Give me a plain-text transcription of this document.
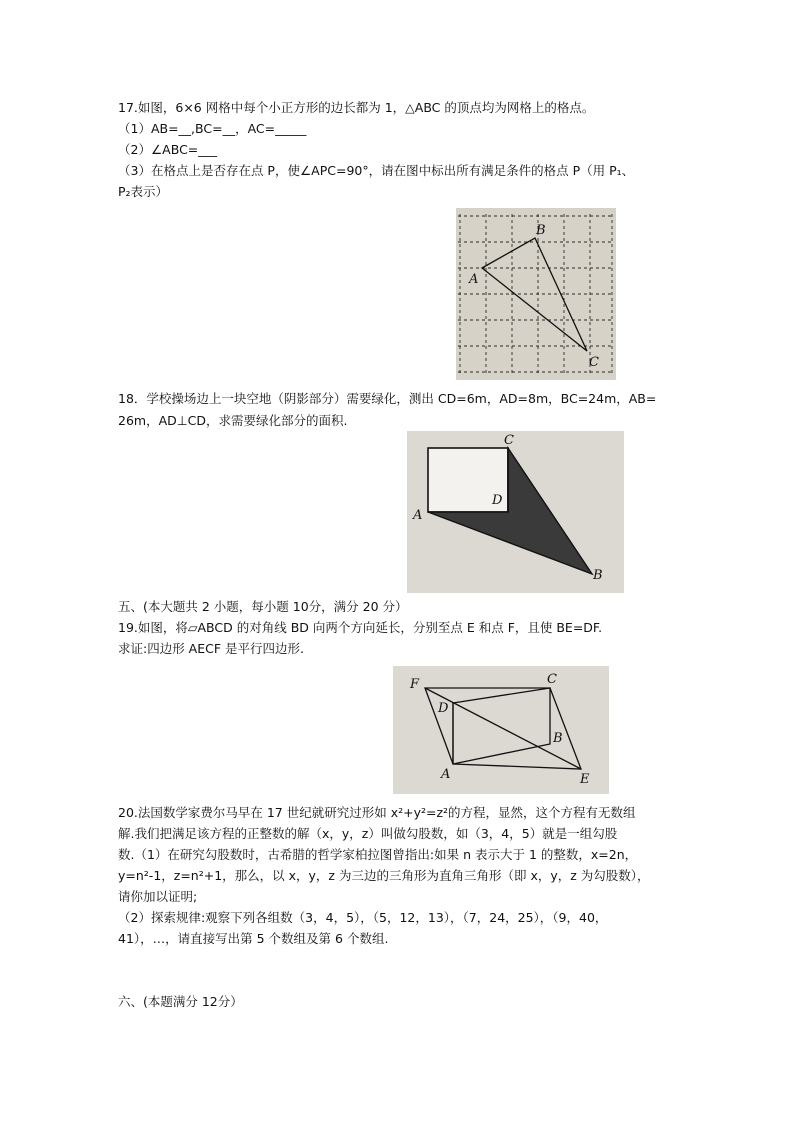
17.如图，6×6 网格中每个小正方形的边长都为 1，△ABC 的顶点均为网格上的格点。
（1）AB=__,BC=__，AC=_____
（2）∠ABC=___
（3）在格点上是否存在点 P，使∠APC=90°，请在图中标出所有满足条件的格点 P（用 P₁、
P₂表示）
A
B
C
18．学校操场边上一块空地（阴影部分）需要绿化，测出 CD=6m，AD=8m，BC=24m，AB=
26m，AD⊥CD，求需要绿化部分的面积.
C
D
A
B
五、(本大题共 2 小题，每小题 10分，满分 20 分）
19.如图，将▱ABCD 的对角线 BD 向两个方向延长，分别至点 E 和点 F，且使 BE=DF.
求证:四边形 AECF 是平行四边形.
F	C
D
B
A	E
20.法国数学家费尔马早在 17 世纪就研究过形如 x²+y²=z²的方程，显然，这个方程有无数组
解.我们把满足该方程的正整数的解（x，y，z）叫做勾股数，如（3，4，5）就是一组勾股
数.（1）在研究勾股数时，古希腊的哲学家柏拉图曾指出:如果 n 表示大于 1 的整数，x=2n，
y=n²-1，z=n²+1，那么，以 x，y，z 为三边的三角形为直角三角形（即 x，y，z 为勾股数），
请你加以证明;
（2）探索规律:观察下列各组数（3，4，5），（5，12，13），（7，24，25），（9，40，
41），…，请直接写出第 5 个数组及第 6 个数组.
六、(本题满分 12分）
